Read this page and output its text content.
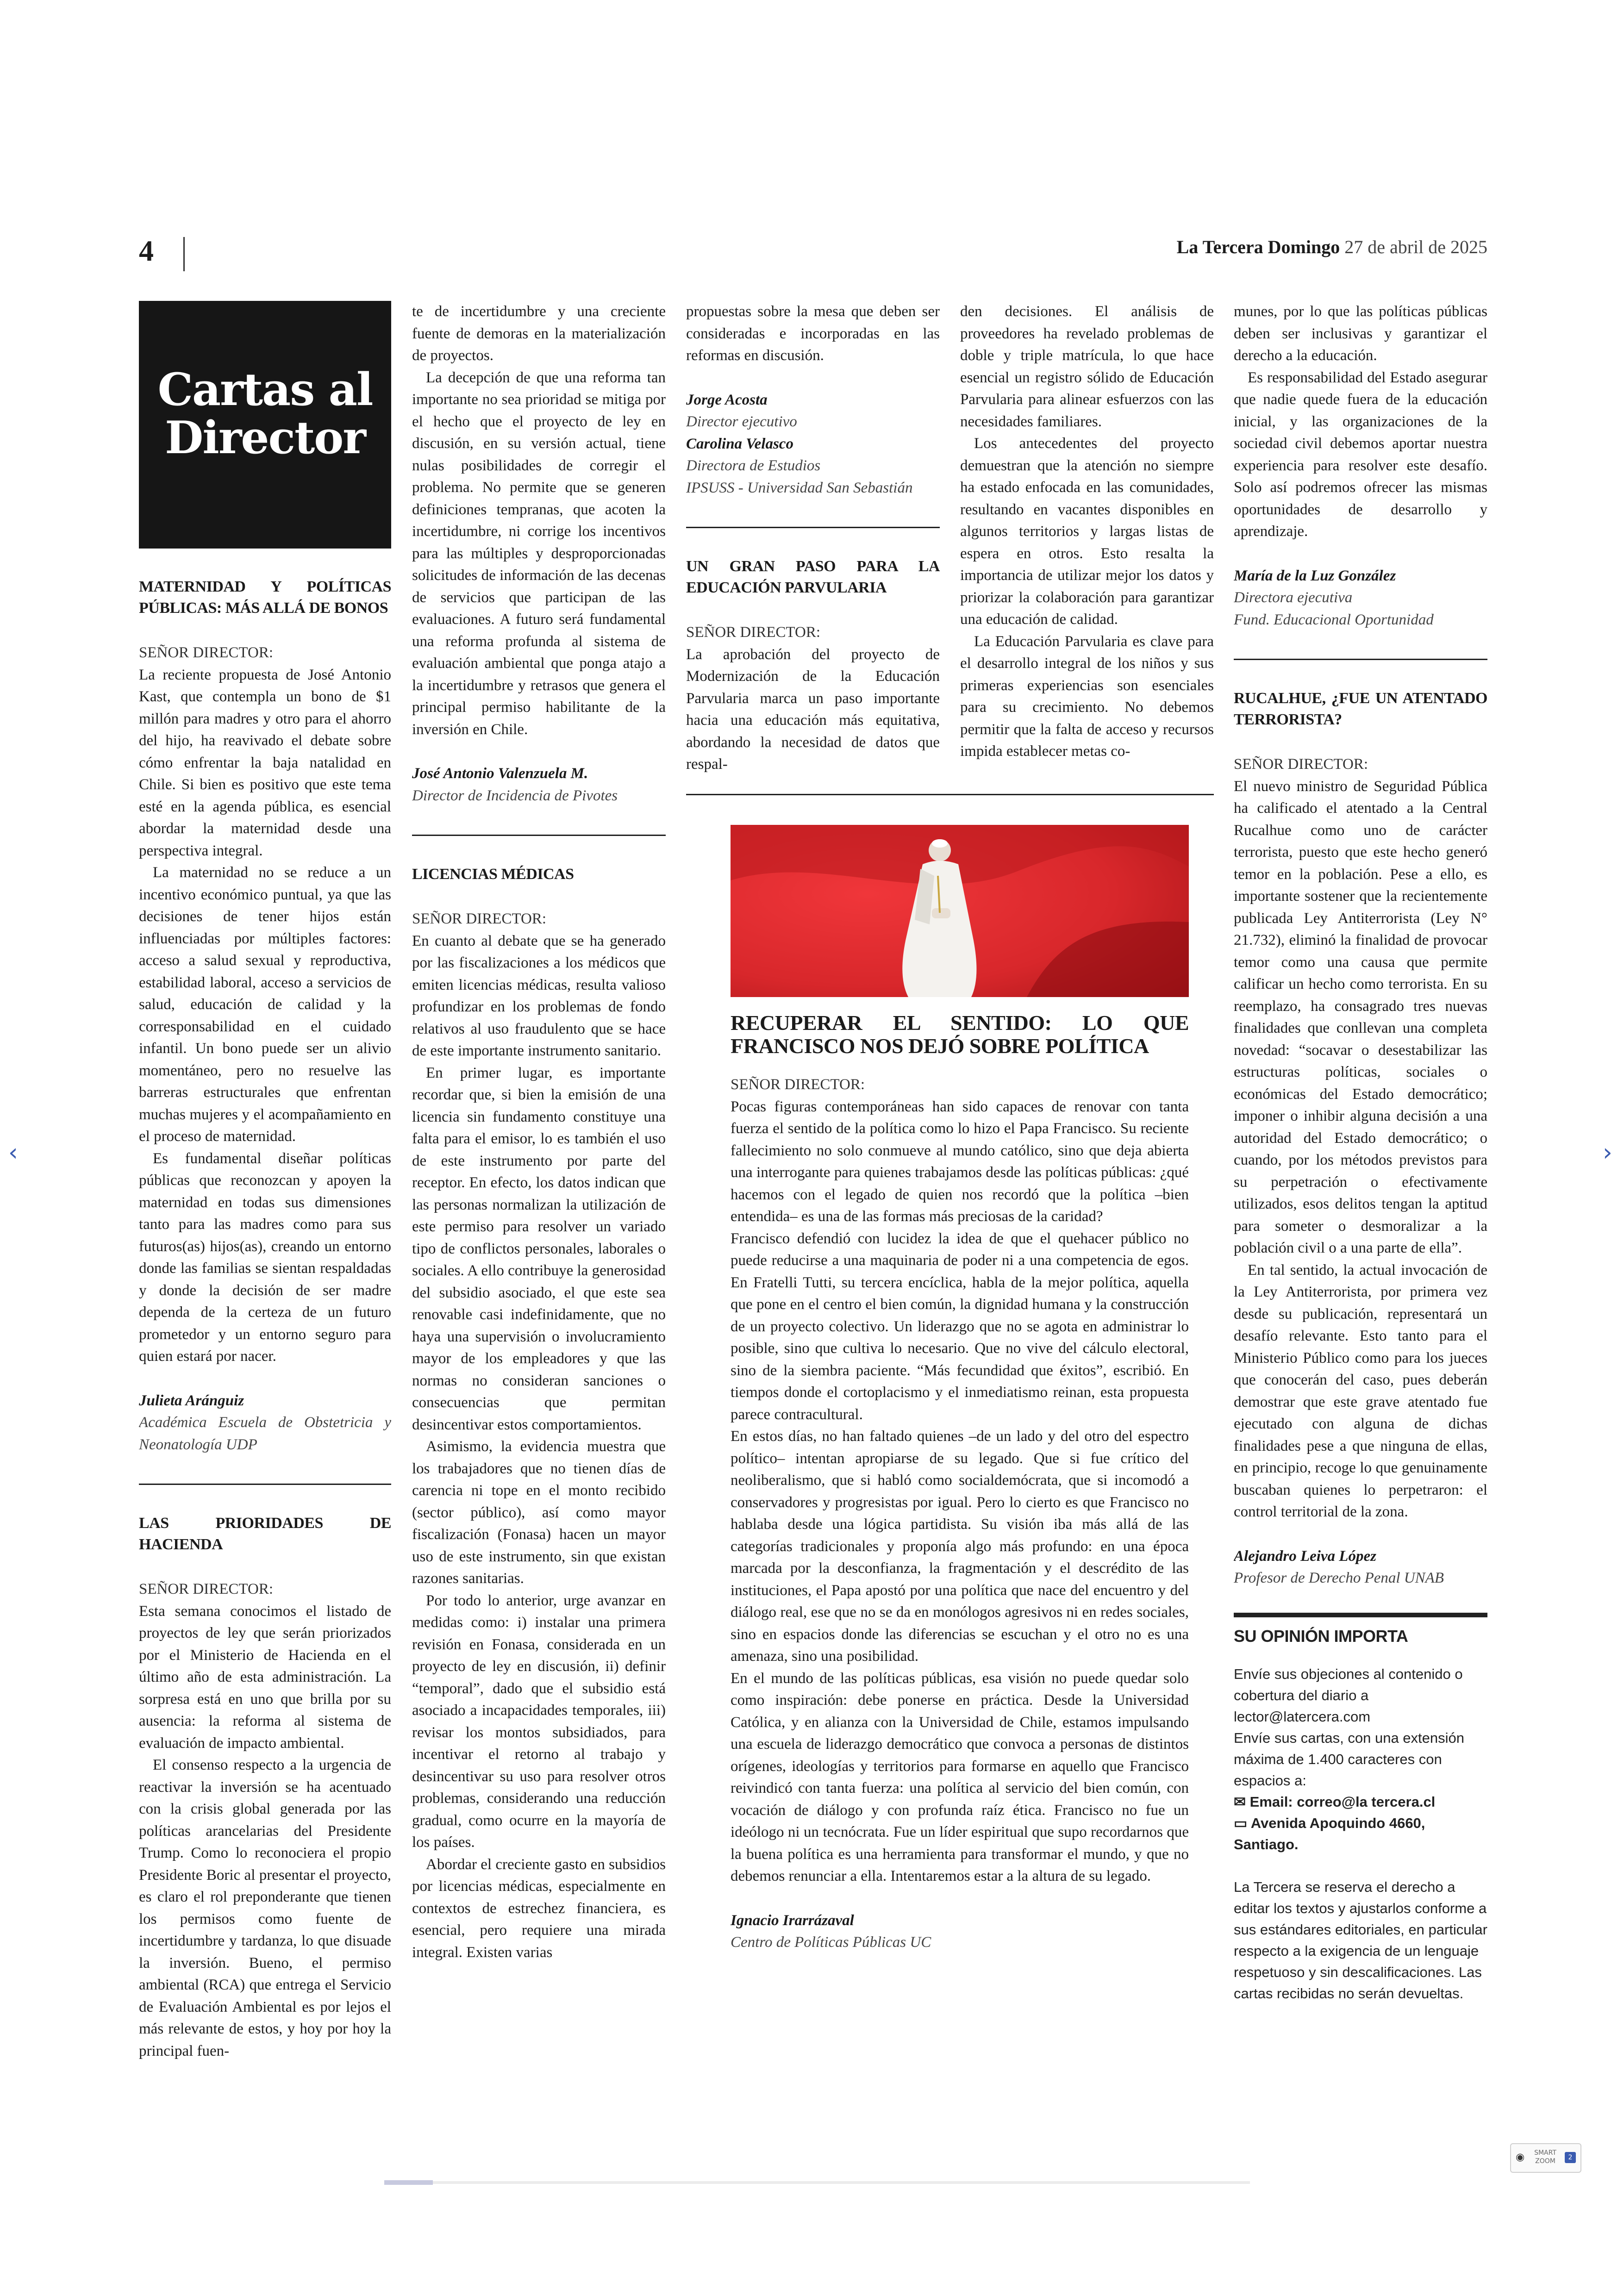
4	La Tercera Domingo 27 de abril de 2025
Cartas al Director
MATERNIDAD Y POLÍTICAS PÚBLICAS: MÁS ALLÁ DE BONOS

SEÑOR DIRECTOR:

La reciente propuesta de José Antonio Kast, que contempla un bono de $1 millón para madres y otro para el ahorro del hijo, ha reavivado el debate sobre cómo enfrentar la baja natalidad en Chile. Si bien es positivo que este tema esté en la agenda pública, es esencial abordar la maternidad desde una perspectiva integral.

La maternidad no se reduce a un incentivo económico puntual, ya que las decisiones de tener hijos están influenciadas por múltiples factores: acceso a salud sexual y reproductiva, estabilidad laboral, acceso a servicios de salud, educación de calidad y la corresponsabilidad en el cuidado infantil. Un bono puede ser un alivio momentáneo, pero no resuelve las barreras estructurales que enfrentan muchas mujeres y el acompañamiento en el proceso de maternidad.

Es fundamental diseñar políticas públicas que reconozcan y apoyen la maternidad en todas sus dimensiones tanto para las madres como para sus futuros(as) hijos(as), creando un entorno donde las familias se sientan respaldadas y donde la decisión de ser madre dependa de la certeza de un futuro prometedor y un entorno seguro para quien estará por nacer.

Julieta Aránguiz
Académica Escuela de Obstetricia y Neonatología UDP
LAS PRIORIDADES DE HACIENDA

SEÑOR DIRECTOR:

Esta semana conocimos el listado de proyectos de ley que serán priorizados por el Ministerio de Hacienda en el último año de esta administración. La sorpresa está en uno que brilla por su ausencia: la reforma al sistema de evaluación de impacto ambiental.

El consenso respecto a la urgencia de reactivar la inversión se ha acentuado con la crisis global generada por las políticas arancelarias del Presidente Trump. Como lo reconociera el propio Presidente Boric al presentar el proyecto, es claro el rol preponderante que tienen los permisos como fuente de incertidumbre y tardanza, lo que disuade la inversión. Bueno, el permiso ambiental (RCA) que entrega el Servicio de Evaluación Ambiental es por lejos el más relevante de estos, y hoy por hoy la principal fuen-

te de incertidumbre y una creciente fuente de demoras en la materialización de proyectos.

La decepción de que una reforma tan importante no sea prioridad se mitiga por el hecho que el proyecto de ley en discusión, en su versión actual, tiene nulas posibilidades de corregir el problema. No permite que se generen definiciones tempranas, que acoten la incertidumbre, ni corrige los incentivos para las múltiples y desproporcionadas solicitudes de información de las decenas de servicios que participan de las evaluaciones. A futuro será fundamental una reforma profunda al sistema de evaluación ambiental que ponga atajo a la incertidumbre y retrasos que genera el principal permiso habilitante de la inversión en Chile.

José Antonio Valenzuela M.
Director de Incidencia de Pivotes
LICENCIAS MÉDICAS

SEÑOR DIRECTOR:

En cuanto al debate que se ha generado por las fiscalizaciones a los médicos que emiten licencias médicas, resulta valioso profundizar en los problemas de fondo relativos al uso fraudulento que se hace de este importante instrumento sanitario.

En primer lugar, es importante recordar que, si bien la emisión de una licencia sin fundamento constituye una falta para el emisor, lo es también el uso de este instrumento por parte del receptor. En efecto, los datos indican que las personas normalizan la utilización de este permiso para resolver un variado tipo de conflictos personales, laborales o sociales. A ello contribuye la generosidad del subsidio asociado, el que este sea renovable casi indefinidamente, que no haya una supervisión o involucramiento mayor de los empleadores y que las normas no consideran sanciones o consecuencias que permitan desincentivar estos comportamientos.

Asimismo, la evidencia muestra que los trabajadores que no tienen días de carencia ni tope en el monto recibido (sector público), así como mayor fiscalización (Fonasa) hacen un mayor uso de este instrumento, sin que existan razones sanitarias.

Por todo lo anterior, urge avanzar en medidas como: i) instalar una primera revisión en Fonasa, considerada en un proyecto de ley en discusión, ii) definir “temporal”, dado que el subsidio está asociado a incapacidades temporales, iii) revisar los montos subsidiados, para incentivar el retorno al trabajo y desincentivar su uso para resolver otros problemas, considerando una reducción gradual, como ocurre en la mayoría de los países.

Abordar el creciente gasto en subsidios por licencias médicas, especialmente en contextos de estrechez financiera, es esencial, pero requiere una mirada integral. Existen varias

propuestas sobre la mesa que deben ser consideradas e incorporadas en las reformas en discusión.

Jorge Acosta
Director ejecutivo
Carolina Velasco
Directora de Estudios
IPSUSS - Universidad San Sebastián
UN GRAN PASO PARA LA EDUCACIÓN PARVULARIA

SEÑOR DIRECTOR:

La aprobación del proyecto de Modernización de la Educación Parvularia marca un paso importante hacia una educación más equitativa, abordando la necesidad de datos que respal-

den decisiones. El análisis de proveedores ha revelado problemas de doble y triple matrícula, lo que hace esencial un registro sólido de Educación Parvularia para alinear esfuerzos con las necesidades familiares.

Los antecedentes del proyecto demuestran que la atención no siempre ha estado enfocada en las comunidades, resultando en vacantes disponibles en algunos territorios y largas listas de espera en otros. Esto resalta la importancia de utilizar mejor los datos y priorizar la colaboración para garantizar una educación de calidad.

La Educación Parvularia es clave para el desarrollo integral de los niños y sus primeras experiencias son esenciales para su crecimiento. No debemos permitir que la falta de acceso y recursos impida establecer metas co-

RECUPERAR EL SENTIDO: LO QUE FRANCISCO NOS DEJÓ SOBRE POLÍTICA

SEÑOR DIRECTOR:

Pocas figuras contemporáneas han sido capaces de renovar con tanta fuerza el sentido de la política como lo hizo el Papa Francisco. Su reciente fallecimiento no solo conmueve al mundo católico, sino que deja abierta una interrogante para quienes trabajamos desde las políticas públicas: ¿qué hacemos con el legado de quien nos recordó que la política –bien entendida– es una de las formas más preciosas de la caridad?

Francisco defendió con lucidez la idea de que el quehacer público no puede reducirse a una maquinaria de poder ni a una competencia de egos. En Fratelli Tutti, su tercera encíclica, habla de la mejor política, aquella que pone en el centro el bien común, la dignidad humana y la construcción de un proyecto colectivo. Un liderazgo que no se agota en administrar lo posible, sino que cultiva lo necesario. Que no vive del cálculo electoral, sino de la siembra paciente. “Más fecundidad que éxitos”, escribió. En tiempos donde el cortoplacismo y el inmediatismo reinan, esta propuesta parece contracultural.

En estos días, no han faltado quienes –de un lado y del otro del espectro político– intentan apropiarse de su legado. Que si fue crítico del neoliberalismo, que si habló como socialdemócrata, que si incomodó a conservadores y progresistas por igual. Pero lo cierto es que Francisco no hablaba desde una lógica partidista. Su visión iba más allá de las categorías tradicionales y proponía algo más profundo: en una época marcada por la desconfianza, la fragmentación y el descrédito de las instituciones, el Papa apostó por una política que nace del encuentro y del diálogo real, ese que no se da en monólogos agresivos ni en redes sociales, sino en espacios donde las diferencias se escuchan y el otro no es una amenaza, sino una posibilidad.

En el mundo de las políticas públicas, esa visión no puede quedar solo como inspiración: debe ponerse en práctica. Desde la Universidad Católica, y en alianza con la Universidad de Chile, estamos impulsando una escuela de liderazgo democrático que convoca a personas de distintos orígenes, ideologías y territorios para formarse en aquello que Francisco reivindicó con tanta fuerza: una política al servicio del bien común, con vocación de diálogo y con profunda raíz ética. Francisco no fue un ideólogo ni un tecnócrata. Fue un líder espiritual que supo recordarnos que la buena política es una herramienta para transformar el mundo, y que no debemos renunciar a ella. Intentaremos estar a la altura de su legado.

Ignacio Irarrázaval
Centro de Políticas Públicas UC

munes, por lo que las políticas públicas deben ser inclusivas y garantizar el derecho a la educación.

Es responsabilidad del Estado asegurar que nadie quede fuera de la educación inicial, y las organizaciones de la sociedad civil debemos aportar nuestra experiencia para resolver este desafío. Solo así podremos ofrecer las mismas oportunidades de desarrollo y aprendizaje.

María de la Luz González
Directora ejecutiva
Fund. Educacional Oportunidad
RUCALHUE, ¿FUE UN ATENTADO TERRORISTA?

SEÑOR DIRECTOR:

El nuevo ministro de Seguridad Pública ha calificado el atentado a la Central Rucalhue como uno de carácter terrorista, puesto que este hecho generó temor en la población. Pese a ello, es importante sostener que la recientemente publicada Ley Antiterrorista (Ley N° 21.732), eliminó la finalidad de provocar temor como una causa que permite calificar un hecho como terrorista. En su reemplazo, ha consagrado tres nuevas finalidades que conllevan una completa novedad: “socavar o desestabilizar las estructuras políticas, sociales o económicas del Estado democrático; imponer o inhibir alguna decisión a una autoridad del Estado democrático; o cuando, por los métodos previstos para su perpetración o efectivamente utilizados, esos delitos tengan la aptitud para someter o desmoralizar a la población civil o a una parte de ella”.

En tal sentido, la actual invocación de la Ley Antiterrorista, por primera vez desde su publicación, representará un desafío relevante. Esto tanto para el Ministerio Público como para los jueces que conocerán del caso, pues deberán demostrar que este grave atentado fue ejecutado con alguna de dichas finalidades pese a que ninguna de ellas, en principio, recoge lo que genuinamente buscaban quienes lo perpetraron: el control territorial de la zona.

Alejandro Leiva López
Profesor de Derecho Penal UNAB
SU OPINIÓN IMPORTA

Envíe sus objeciones al contenido o cobertura del diario a lector@latercera.com

Envíe sus cartas, con una extensión máxima de 1.400 caracteres con espacios a:

✉ Email: correo@la tercera.cl

▭ Avenida Apoquindo 4660, Santiago.

La Tercera se reserva el derecho a editar los textos y ajustarlos conforme a sus estándares editoriales, en particular respecto a la exigencia de un lenguaje respetuoso y sin descalificaciones. Las cartas recibidas no serán devueltas.

‹	›
◉	SMART ZOOM	2
